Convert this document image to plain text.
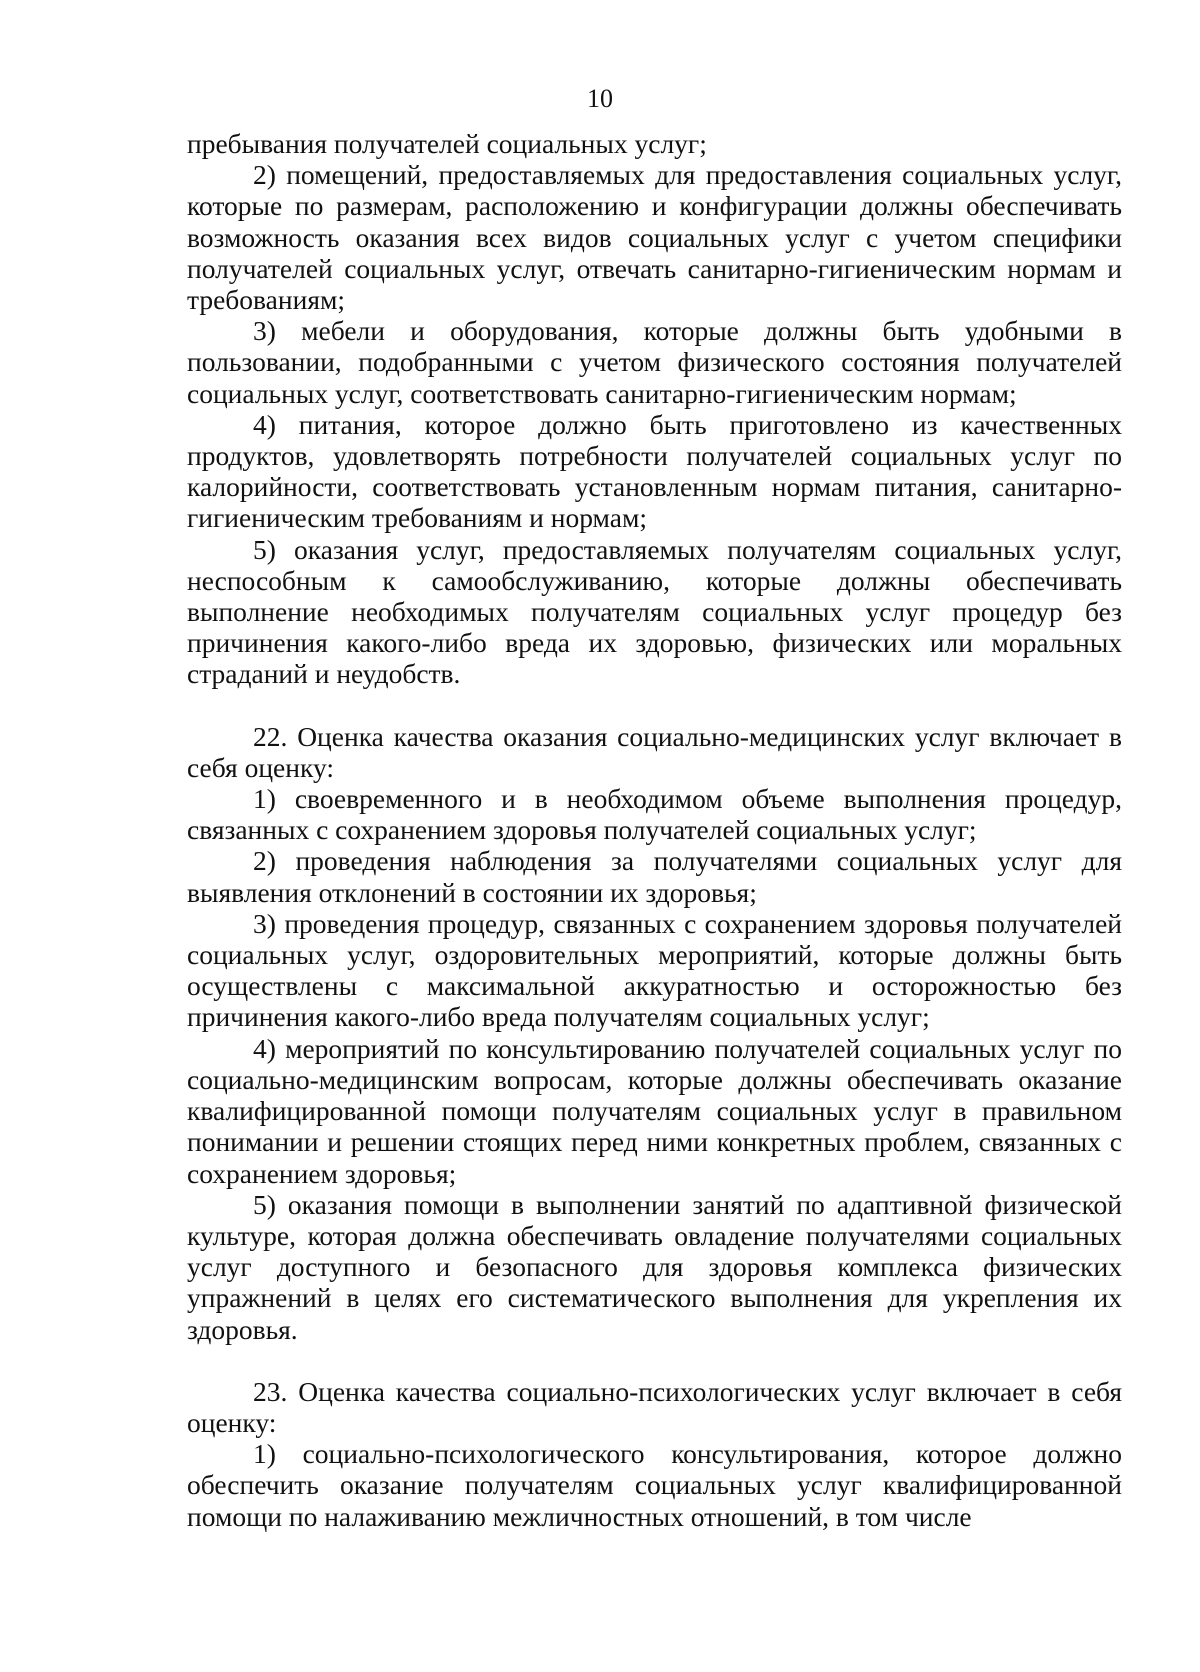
10

пребывания получателей социальных услуг;

2) помещений, предоставляемых для предоставления социальных услуг, которые по размерам, расположению и конфигурации должны обеспечивать возможность оказания всех видов социальных услуг с учетом специфики получателей социальных услуг, отвечать санитарно-гигиеническим нормам и требованиям;

3) мебели и оборудования, которые должны быть удобными в пользовании, подобранными с учетом физического состояния получателей социальных услуг, соответствовать санитарно-гигиеническим нормам;

4) питания, которое должно быть приготовлено из качественных продуктов, удовлетворять потребности получателей социальных услуг по калорийности, соответствовать установленным нормам питания, санитарно-гигиеническим требованиям и нормам;

5) оказания услуг, предоставляемых получателям социальных услуг, неспособным к самообслуживанию, которые должны обеспечивать выполнение необходимых получателям социальных услуг процедур без причинения какого-либо вреда их здоровью, физических или моральных страданий и неудобств.

22. Оценка качества оказания социально-медицинских услуг включает в себя оценку:

1) своевременного и в необходимом объеме выполнения процедур, связанных с сохранением здоровья получателей социальных услуг;

2) проведения наблюдения за получателями социальных услуг для выявления отклонений в состоянии их здоровья;

3) проведения процедур, связанных с сохранением здоровья получателей социальных услуг, оздоровительных мероприятий, которые должны быть осуществлены с максимальной аккуратностью и осторожностью без причинения какого-либо вреда получателям социальных услуг;

4) мероприятий по консультированию получателей социальных услуг по социально-медицинским вопросам, которые должны обеспечивать оказание квалифицированной помощи получателям социальных услуг в правильном понимании и решении стоящих перед ними конкретных проблем, связанных с сохранением здоровья;

5) оказания помощи в выполнении занятий по адаптивной физической культуре, которая должна обеспечивать овладение получателями социальных услуг доступного и безопасного для здоровья комплекса физических упражнений в целях его систематического выполнения для укрепления их здоровья.

23. Оценка качества социально-психологических услуг включает в себя оценку:

1) социально-психологического консультирования, которое должно обеспечить оказание получателям социальных услуг квалифицированной помощи по налаживанию межличностных отношений, в том числе
